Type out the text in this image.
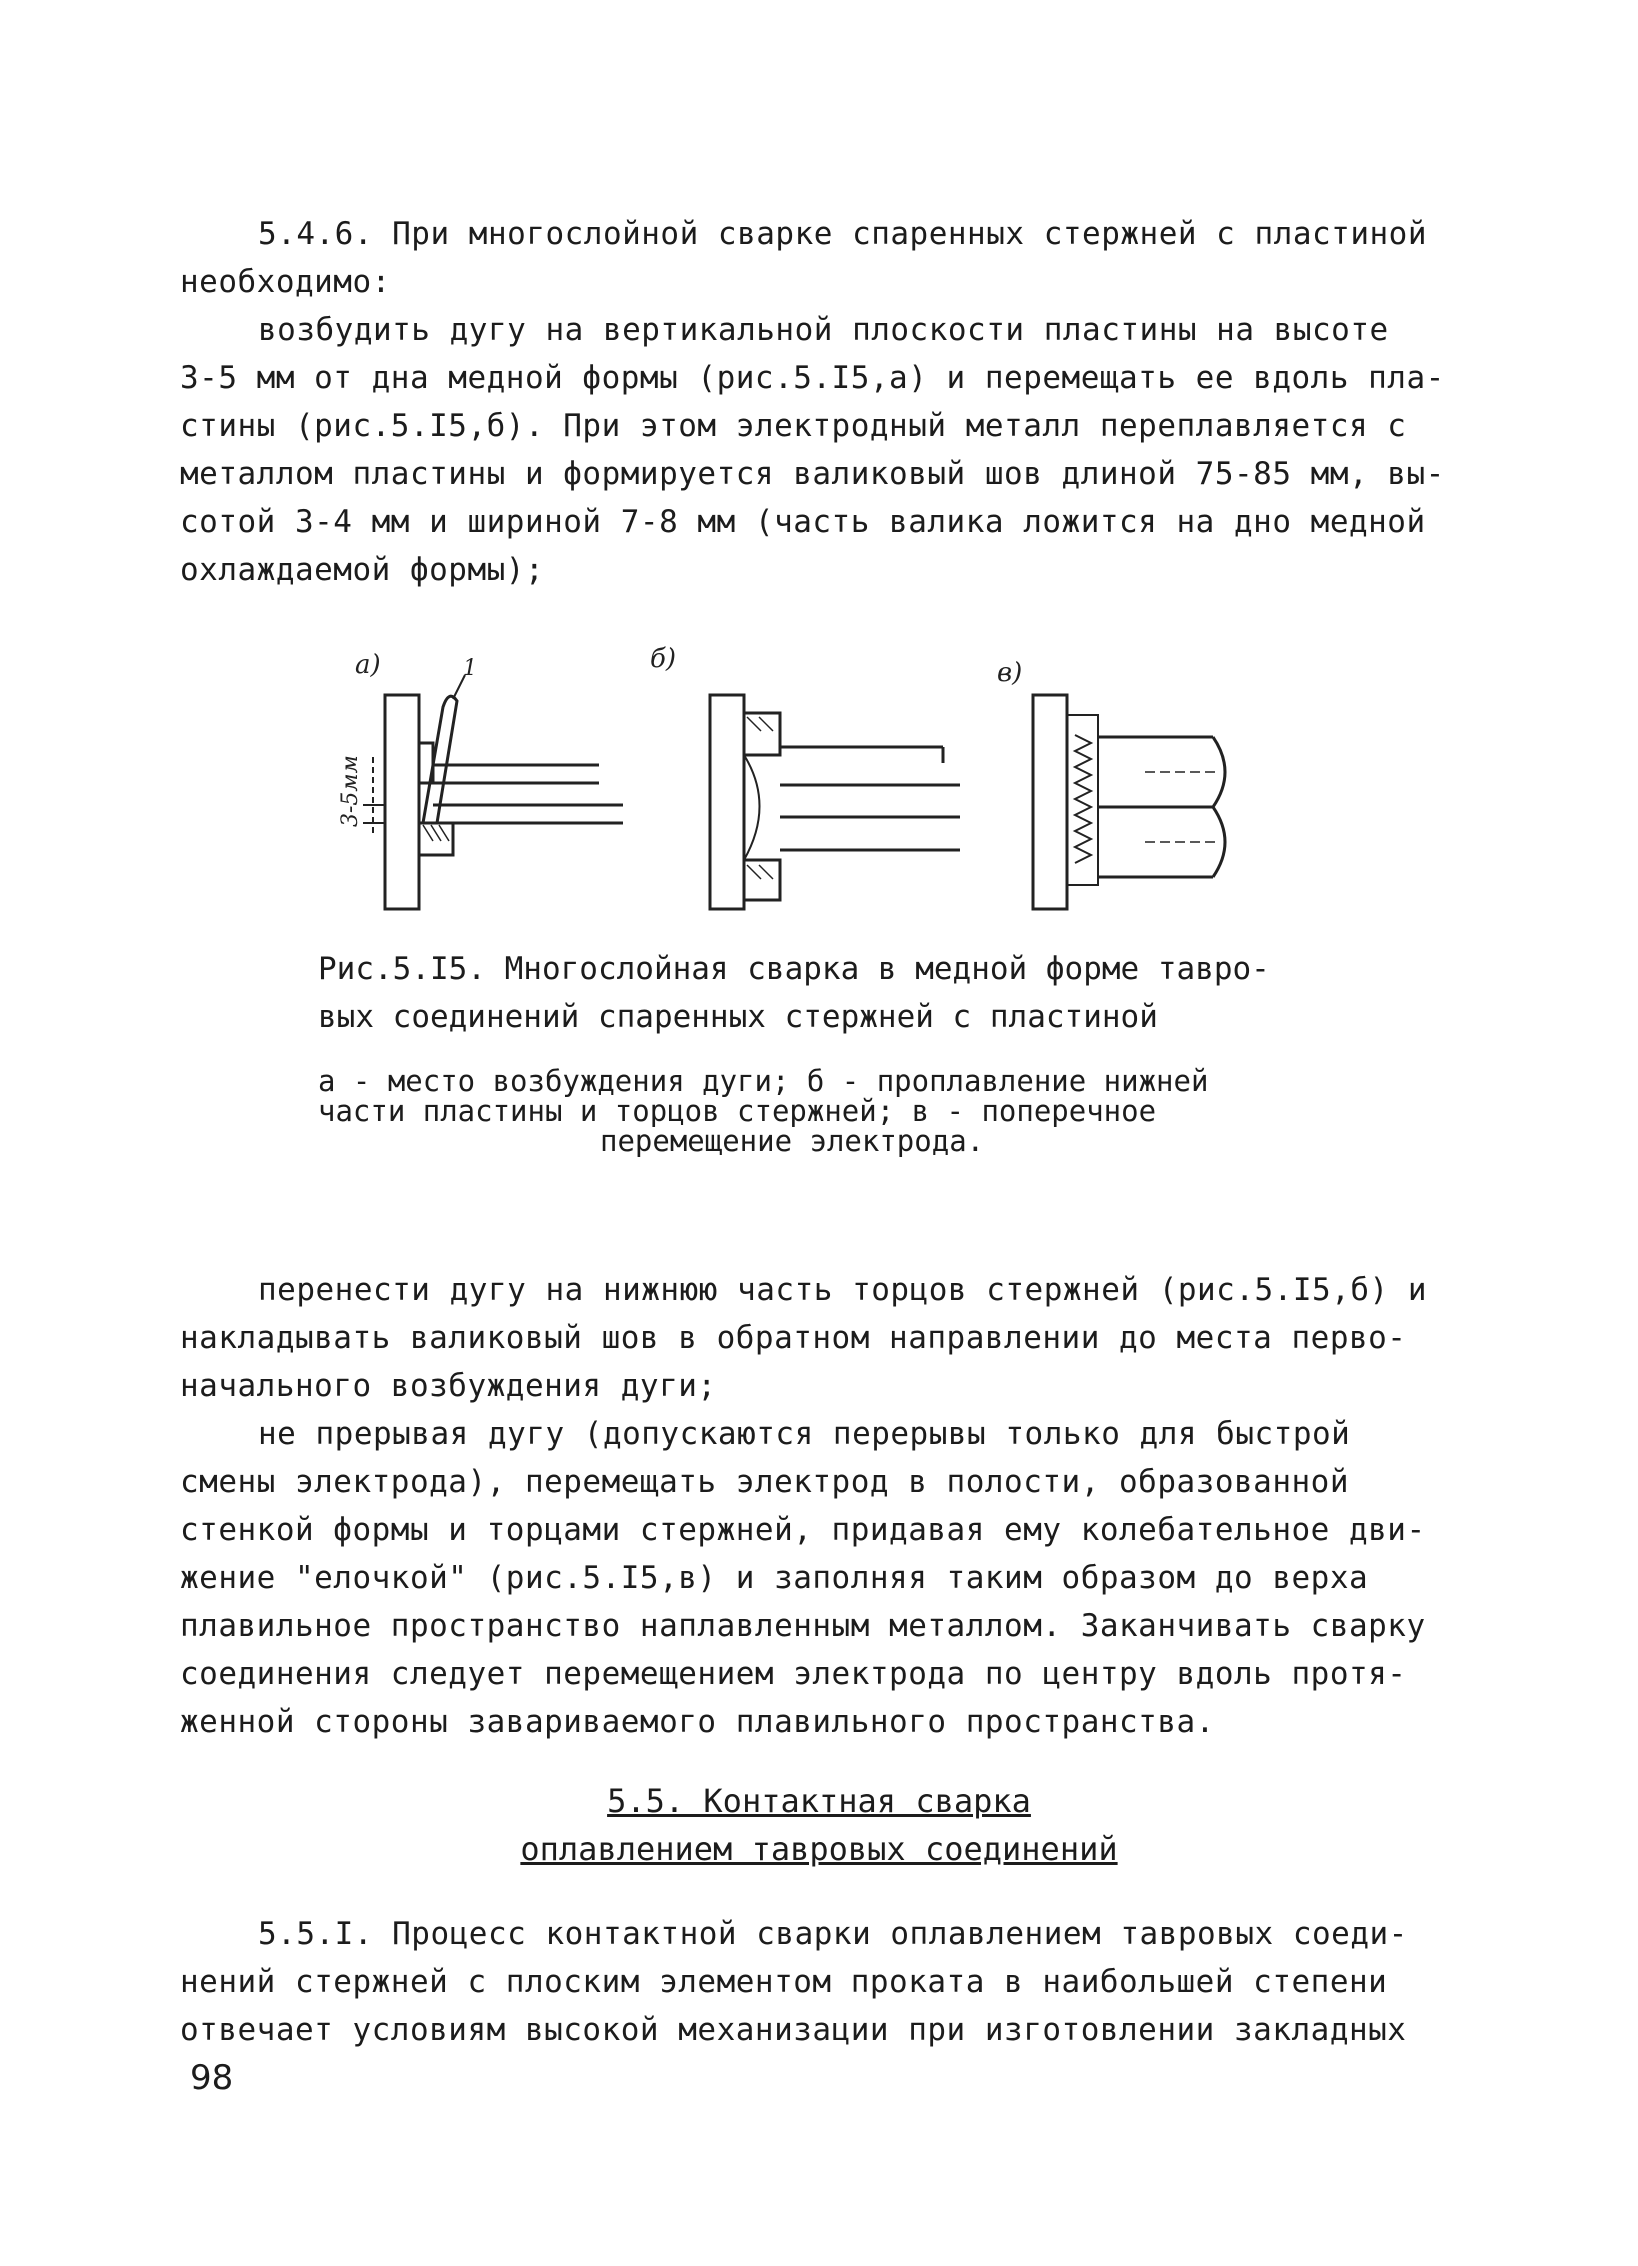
5.4.6. При многослойной сварке спаренных стержней с пластиной
необходимо:
возбудить дугу на вертикальной плоскости пластины на высоте
3-5 мм от дна медной формы (рис.5.I5,а) и перемещать ее вдоль пла-
стины (рис.5.I5,б). При этом электродный металл переплавляется с
металлом пластины и формируется валиковый шов длиной 75-85 мм, вы-
сотой 3-4 мм и шириной 7-8 мм (часть валика ложится на дно медной
охлаждаемой формы);
а)	б)	в)
1
3-5мм
Рис.5.I5. Многослойная сварка в медной форме тавро-
вых соединений спаренных стержней с пластиной
а - место возбуждения дуги; б - проплавление нижней
части пластины и торцов стержней; в - поперечное
перемещение электрода.
перенести дугу на нижнюю часть торцов стержней (рис.5.I5,б) и
накладывать валиковый шов в обратном направлении до места перво-
начального возбуждения дуги;
не прерывая дугу (допускаются перерывы только для быстрой
смены электрода), перемещать электрод в полости, образованной
стенкой формы и торцами стержней, придавая ему колебательное дви-
жение "елочкой" (рис.5.I5,в) и заполняя таким образом до верха
плавильное пространство наплавленным металлом. Заканчивать сварку
соединения следует перемещением электрода по центру вдоль протя-
женной стороны завариваемого плавильного пространства.
5.5. Контактная сварка
оплавлением тавровых соединений
5.5.I. Процесс контактной сварки оплавлением тавровых соеди-
нений стержней с плоским элементом проката в наибольшей степени
отвечает условиям высокой механизации при изготовлении закладных
98
